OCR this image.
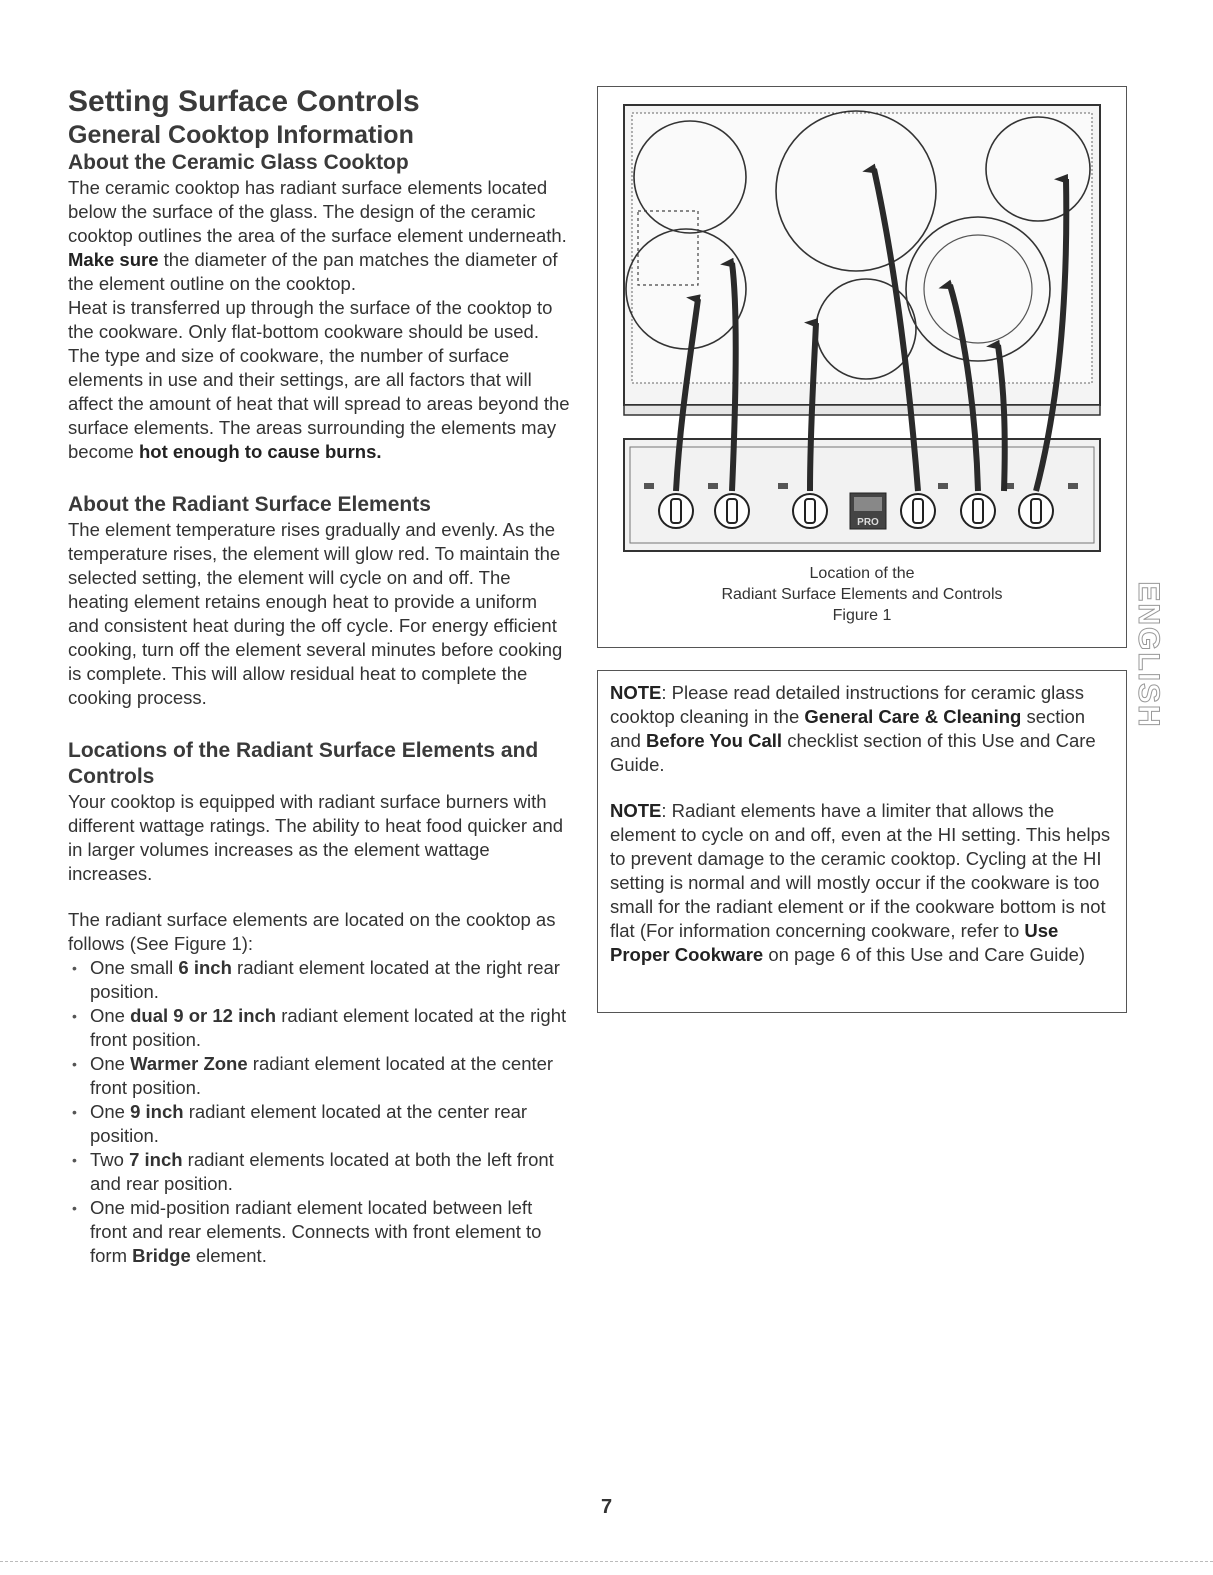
Setting Surface Controls
General Cooktop Information
About the Ceramic Glass Cooktop

The ceramic cooktop has radiant surface elements located below the surface of the glass. The design of the ceramic cooktop outlines the area of the surface element underneath. Make sure the diameter of the pan matches the diameter of the element outline on the cooktop.

Heat is transferred up through the surface of the cooktop to the cookware. Only flat-bottom cookware should be used. The type and size of cookware, the number of surface elements in use and their settings, are all factors that will affect the amount of heat that will spread to areas beyond the surface elements. The areas surrounding the elements may become hot enough to cause burns.

About the Radiant Surface Elements

The element temperature rises gradually and evenly. As the temperature rises, the element will glow red. To maintain the selected setting, the element will cycle on and off. The heating element retains enough heat to provide a uniform and consistent heat during the off cycle. For energy efficient cooking, turn off the element several minutes before cooking is complete. This will allow residual heat to complete the cooking process.

Locations of the Radiant Surface Elements and Controls

Your cooktop is equipped with radiant surface burners with different wattage ratings. The ability to heat food quicker and in larger volumes increases as the element wattage increases.

The radiant surface elements are located on the cooktop as follows (See Figure 1):

• One small 6 inch radiant element located at the right rear position.
• One dual 9 or 12 inch radiant element located at the right front position.
• One Warmer Zone radiant element located at the center front position.
• One 9 inch radiant element located at the center rear position.
• Two 7 inch radiant elements located at both the left front and rear position.
• One mid-position radiant element located between left front and rear elements. Connects with front element to form Bridge element.
PRO
Location of the
Radiant Surface Elements and Controls
Figure 1

NOTE: Please read detailed instructions for ceramic glass cooktop cleaning in the General Care & Cleaning section and Before You Call checklist section of this Use and Care Guide.

NOTE: Radiant elements have a limiter that allows the element to cycle on and off, even at the HI setting. This helps to prevent damage to the ceramic cooktop. Cycling at the HI setting is normal and will mostly occur if the cookware is too small for the radiant element or if the cookware bottom is not flat (For information concerning cookware, refer to Use Proper Cookware on page 6 of this Use and Care Guide)

ENGLISH
7
